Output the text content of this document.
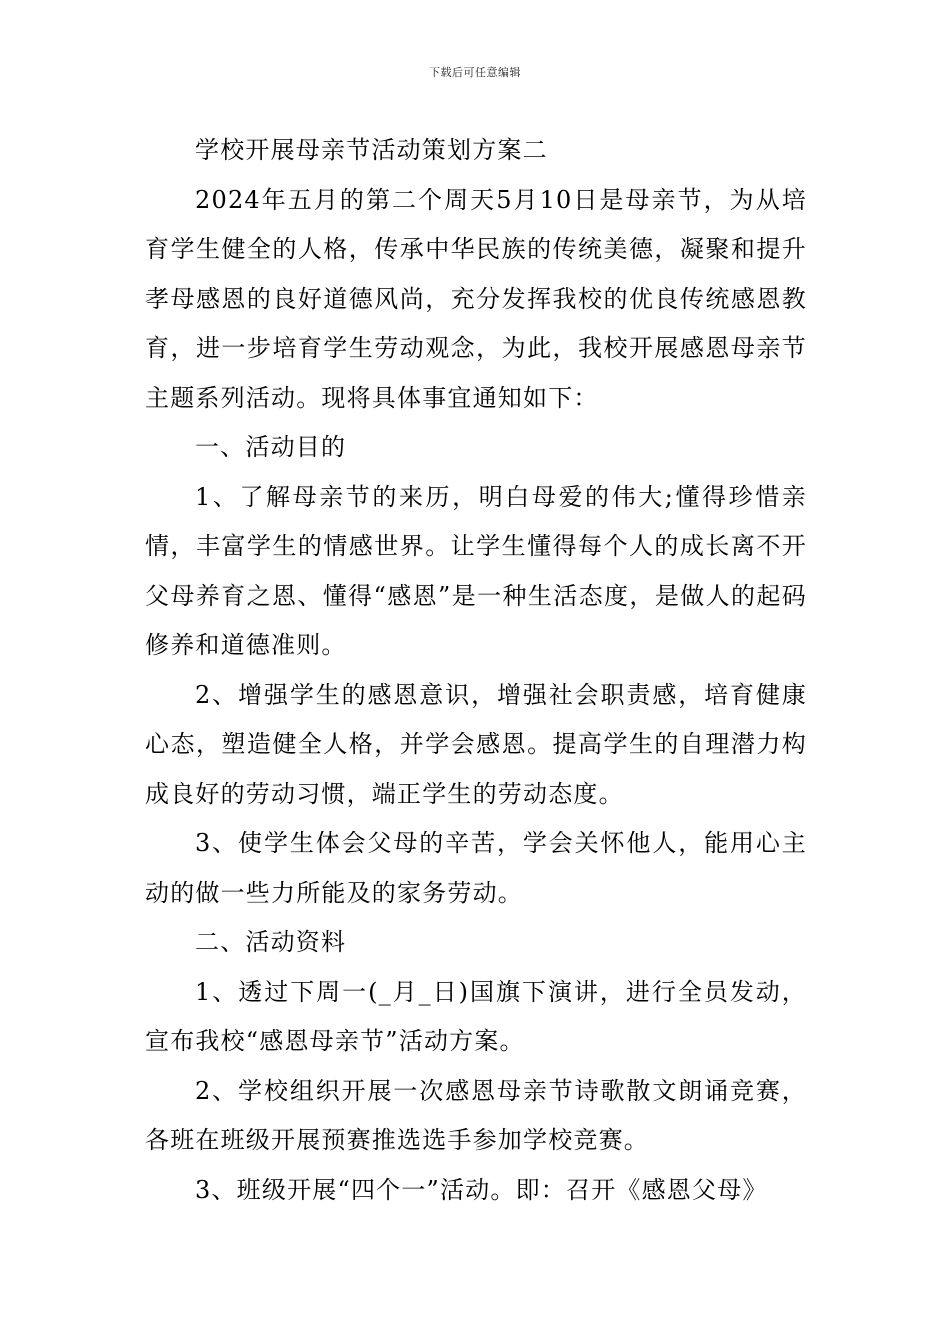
下载后可任意编辑

学校开展母亲节活动策划方案二

2024年五月的第二个周天5月10日是母亲节，为从培育学生健全的人格，传承中华民族的传统美德，凝聚和提升孝母感恩的良好道德风尚，充分发挥我校的优良传统感恩教育，进一步培育学生劳动观念，为此，我校开展感恩母亲节主题系列活动。现将具体事宜通知如下：

一、活动目的

1、了解母亲节的来历，明白母爱的伟大;懂得珍惜亲情，丰富学生的情感世界。让学生懂得每个人的成长离不开父母养育之恩、懂得“感恩”是一种生活态度，是做人的起码修养和道德准则。

2、增强学生的感恩意识，增强社会职责感，培育健康心态，塑造健全人格，并学会感恩。提高学生的自理潜力构成良好的劳动习惯，端正学生的劳动态度。

3、使学生体会父母的辛苦，学会关怀他人，能用心主动的做一些力所能及的家务劳动。

二、活动资料

1、透过下周一(_月_日)国旗下演讲，进行全员发动，宣布我校“感恩母亲节”活动方案。

2、学校组织开展一次感恩母亲节诗歌散文朗诵竞赛，各班在班级开展预赛推选选手参加学校竞赛。

3、班级开展“四个一”活动。即：召开《感恩父母》
